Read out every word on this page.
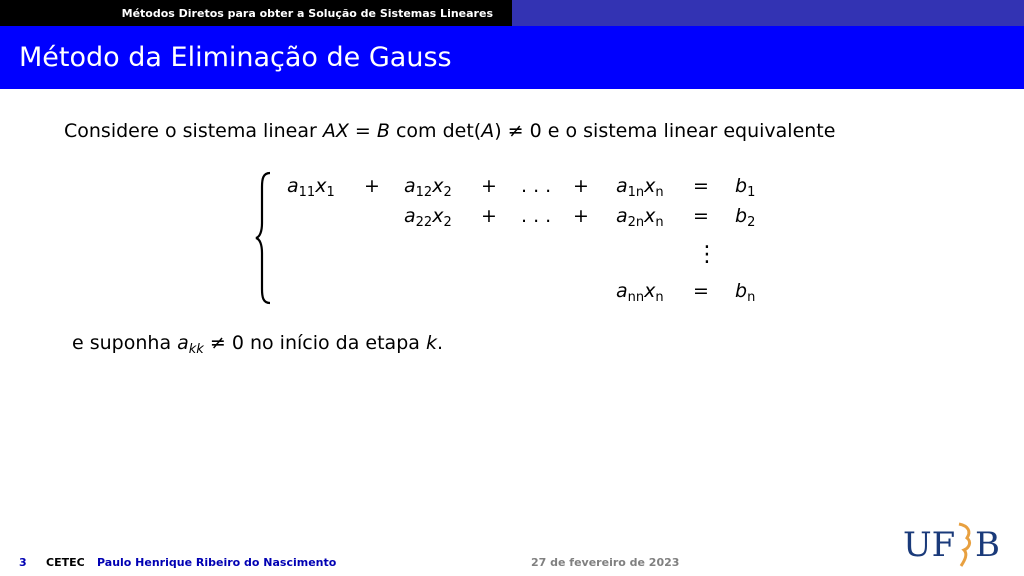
Métodos Diretos para obter a Solução de Sistemas Lineares
Método da Eliminação de Gauss
Considere o sistema linear AX = B com det(A) ≠ 0 e o sistema linear equivalente
$a_{11}x_1 + a_{12}x_2$ + . . . + $a_{1n}x_n = b_1$
$a_{22}x_2$ + . . . + $a_{2n}x_n = b_2$
⋮
$a_{nn}x_n = b_n$
e suponha $a_{kk} \ne 0$ no início da etapa k.
3 CETEC Paulo Henrique Ribeiro do Nascimento	27 de fevereiro de 2023	UF B
